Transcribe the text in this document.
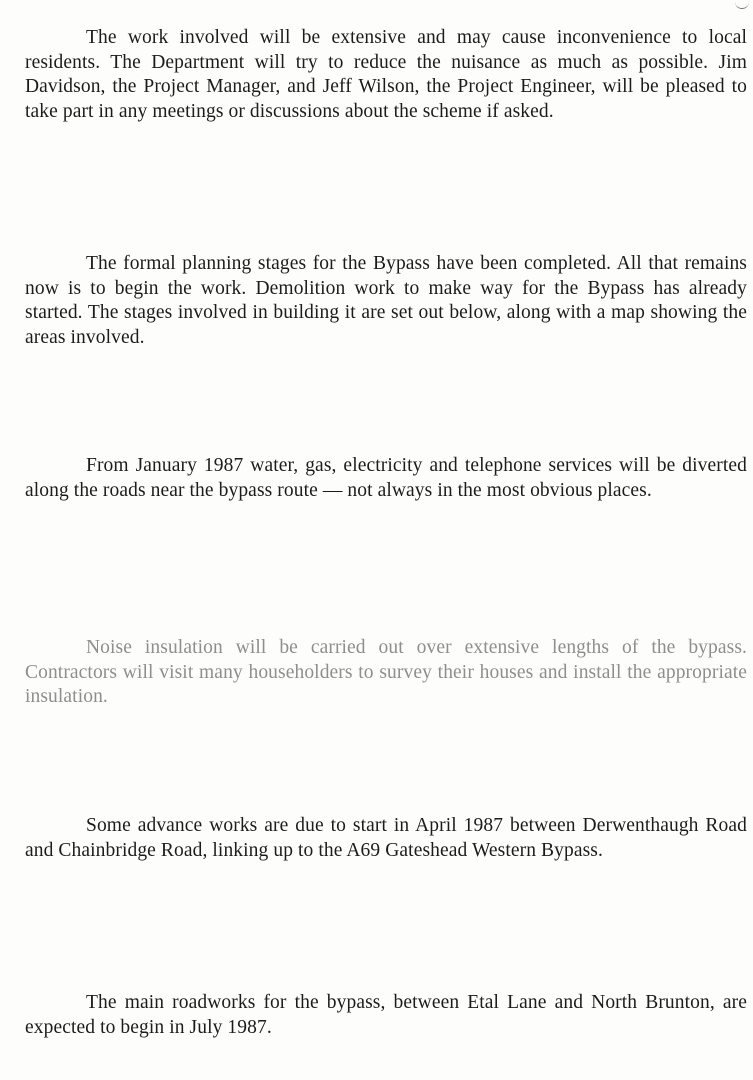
The work involved will be extensive and may cause inconvenience to local residents. The Department will try to reduce the nuisance as much as possible. Jim Davidson, the Project Manager, and Jeff Wilson, the Project Engineer, will be pleased to take part in any meetings or discussions about the scheme if asked.

The formal planning stages for the Bypass have been completed. All that remains now is to begin the work. Demolition work to make way for the Bypass has already started. The stages involved in building it are set out below, along with a map showing the areas involved.

From January 1987 water, gas, electricity and telephone services will be diverted along the roads near the bypass route — not always in the most obvious places.

Noise insulation will be carried out over extensive lengths of the bypass. Contractors will visit many householders to survey their houses and install the appropriate insulation.

Some advance works are due to start in April 1987 between Derwenthaugh Road and Chainbridge Road, linking up to the A69 Gateshead Western Bypass.

The main roadworks for the bypass, between Etal Lane and North Brunton, are expected to begin in July 1987.
